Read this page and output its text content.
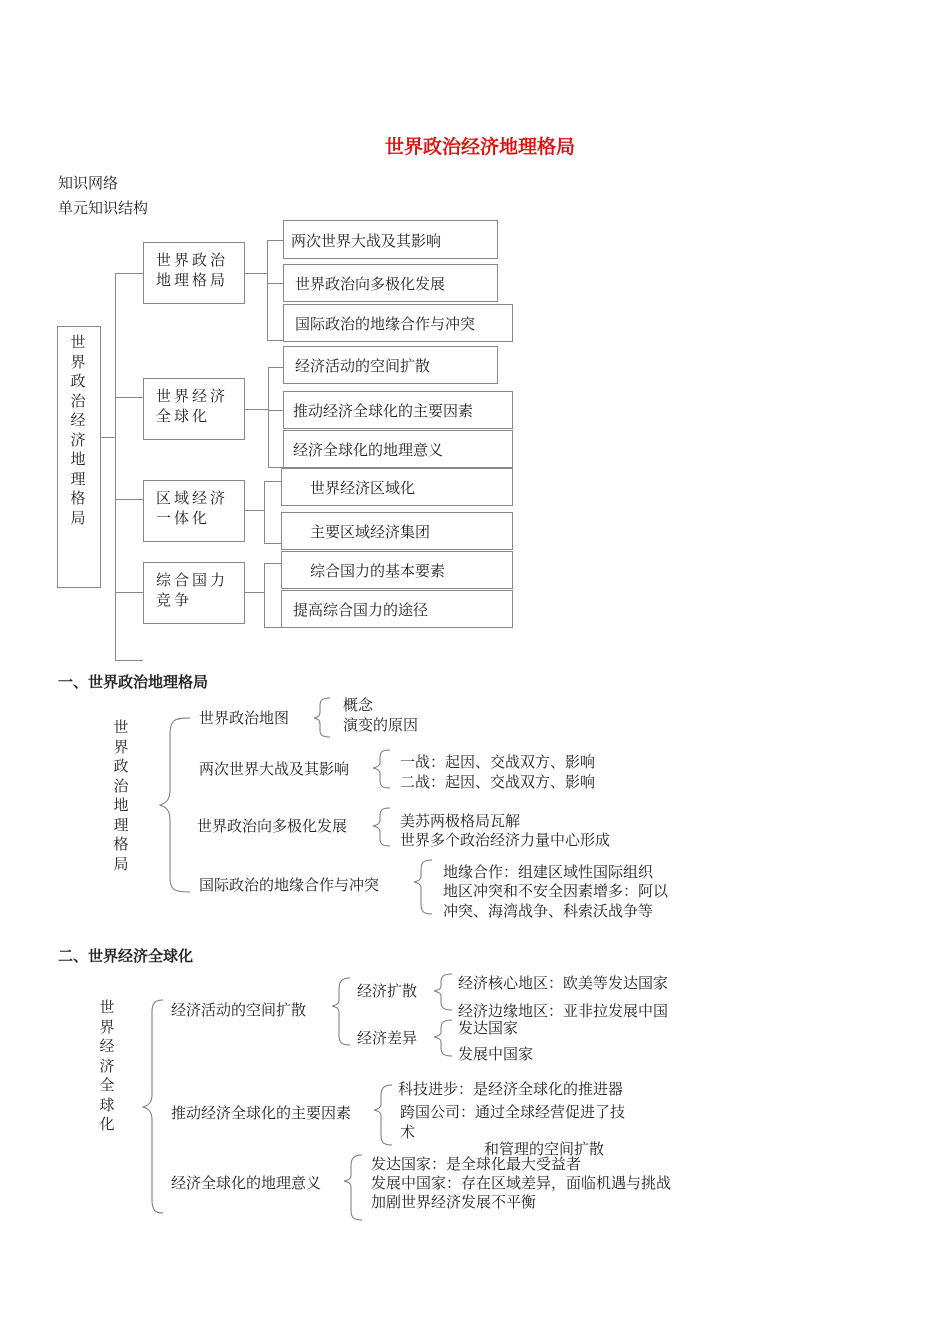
世界政治经济地理格局
知识网络
单元知识结构
世界政治经济地理格局
世界政治地理格局
世界经济全球化
区域经济一体化
综合国力竞争
两次世界大战及其影响
世界政治向多极化发展
国际政治的地缘合作与冲突
经济活动的空间扩散
推动经济全球化的主要因素
经济全球化的地理意义
世界经济区域化
主要区域经济集团
综合国力的基本要素
提高综合国力的途径
一、世界政治地理格局
世界政治地理格局
世界政治地图
概念
演变的原因
两次世界大战及其影响	一战：起因、交战双方、影响
二战：起因、交战双方、影响
世界政治向多极化发展	美苏两极格局瓦解
世界多个政治经济力量中心形成
国际政治的地缘合作与冲突
地缘合作：组建区域性国际组织
地区冲突和不安全因素增多：阿以
冲突、海湾战争、科索沃战争等
二、世界经济全球化
世界经济全球化
经济活动的空间扩散
经济扩散	经济核心地区：欧美等发达国家
经济边缘地区：亚非拉发展中国
经济差异
发达国家
发展中国家
推动经济全球化的主要因素
科技进步：是经济全球化的推进器
跨国公司：通过全球经营促进了技
术
和管理的空间扩散
经济全球化的地理意义
发达国家：是全球化最大受益者
发展中国家：存在区域差异，面临机遇与挑战
加剧世界经济发展不平衡
